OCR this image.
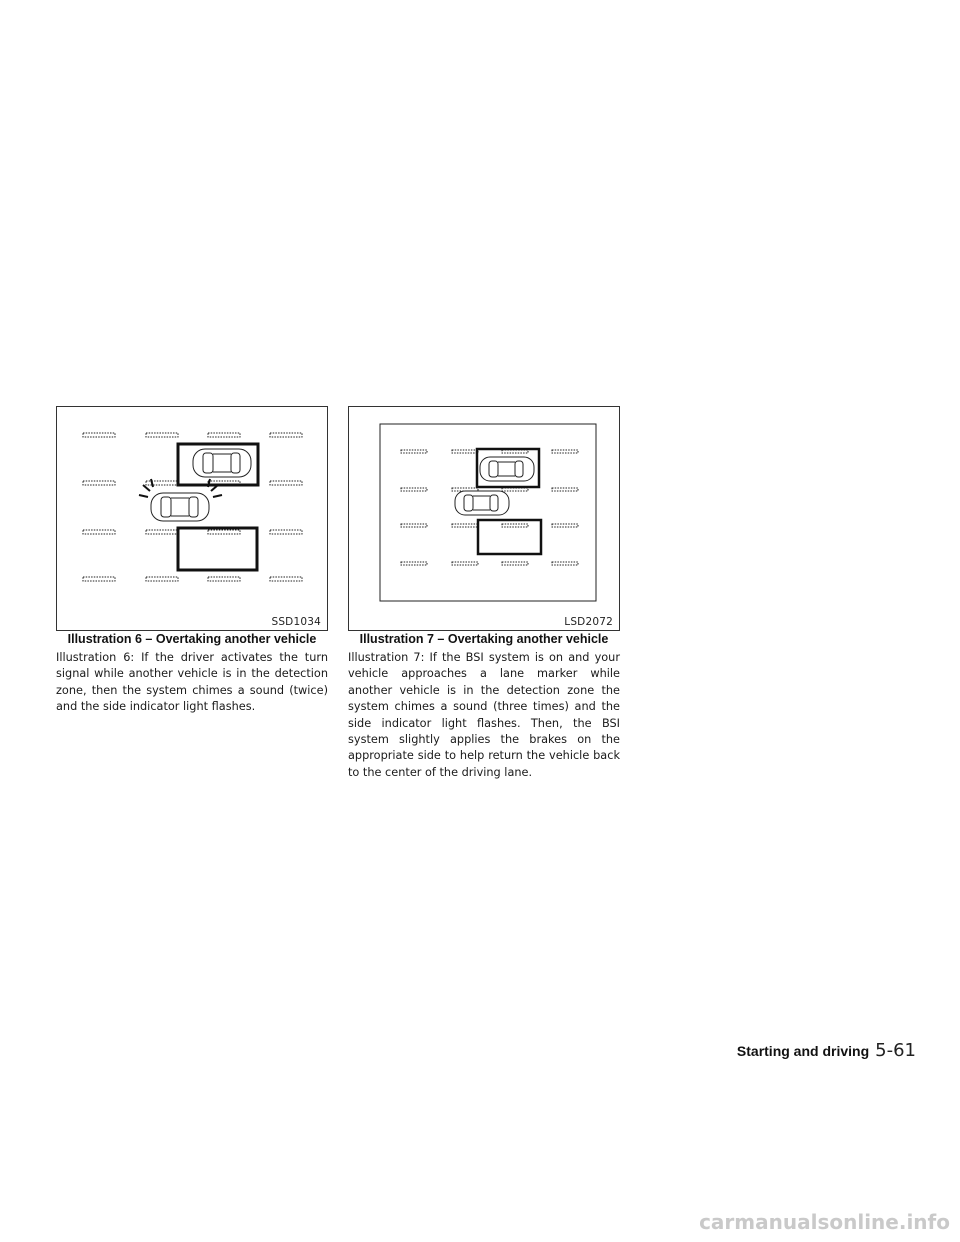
SSD1034
Illustration 6 – Overtaking another vehicle

Illustration 6: If the driver activates the turn signal while another vehicle is in the detection zone, then the system chimes a sound (twice) and the side indicator light flashes.

LSD2072
Illustration 7 – Overtaking another vehicle

Illustration 7: If the BSI system is on and your vehicle approaches a lane marker while another vehicle is in the detection zone the system chimes a sound (three times) and the side indicator light flashes. Then, the BSI system slightly applies the brakes on the appropriate side to help return the vehicle back to the center of the driving lane.

Starting and driving 5-61
carmanualsonline.info
